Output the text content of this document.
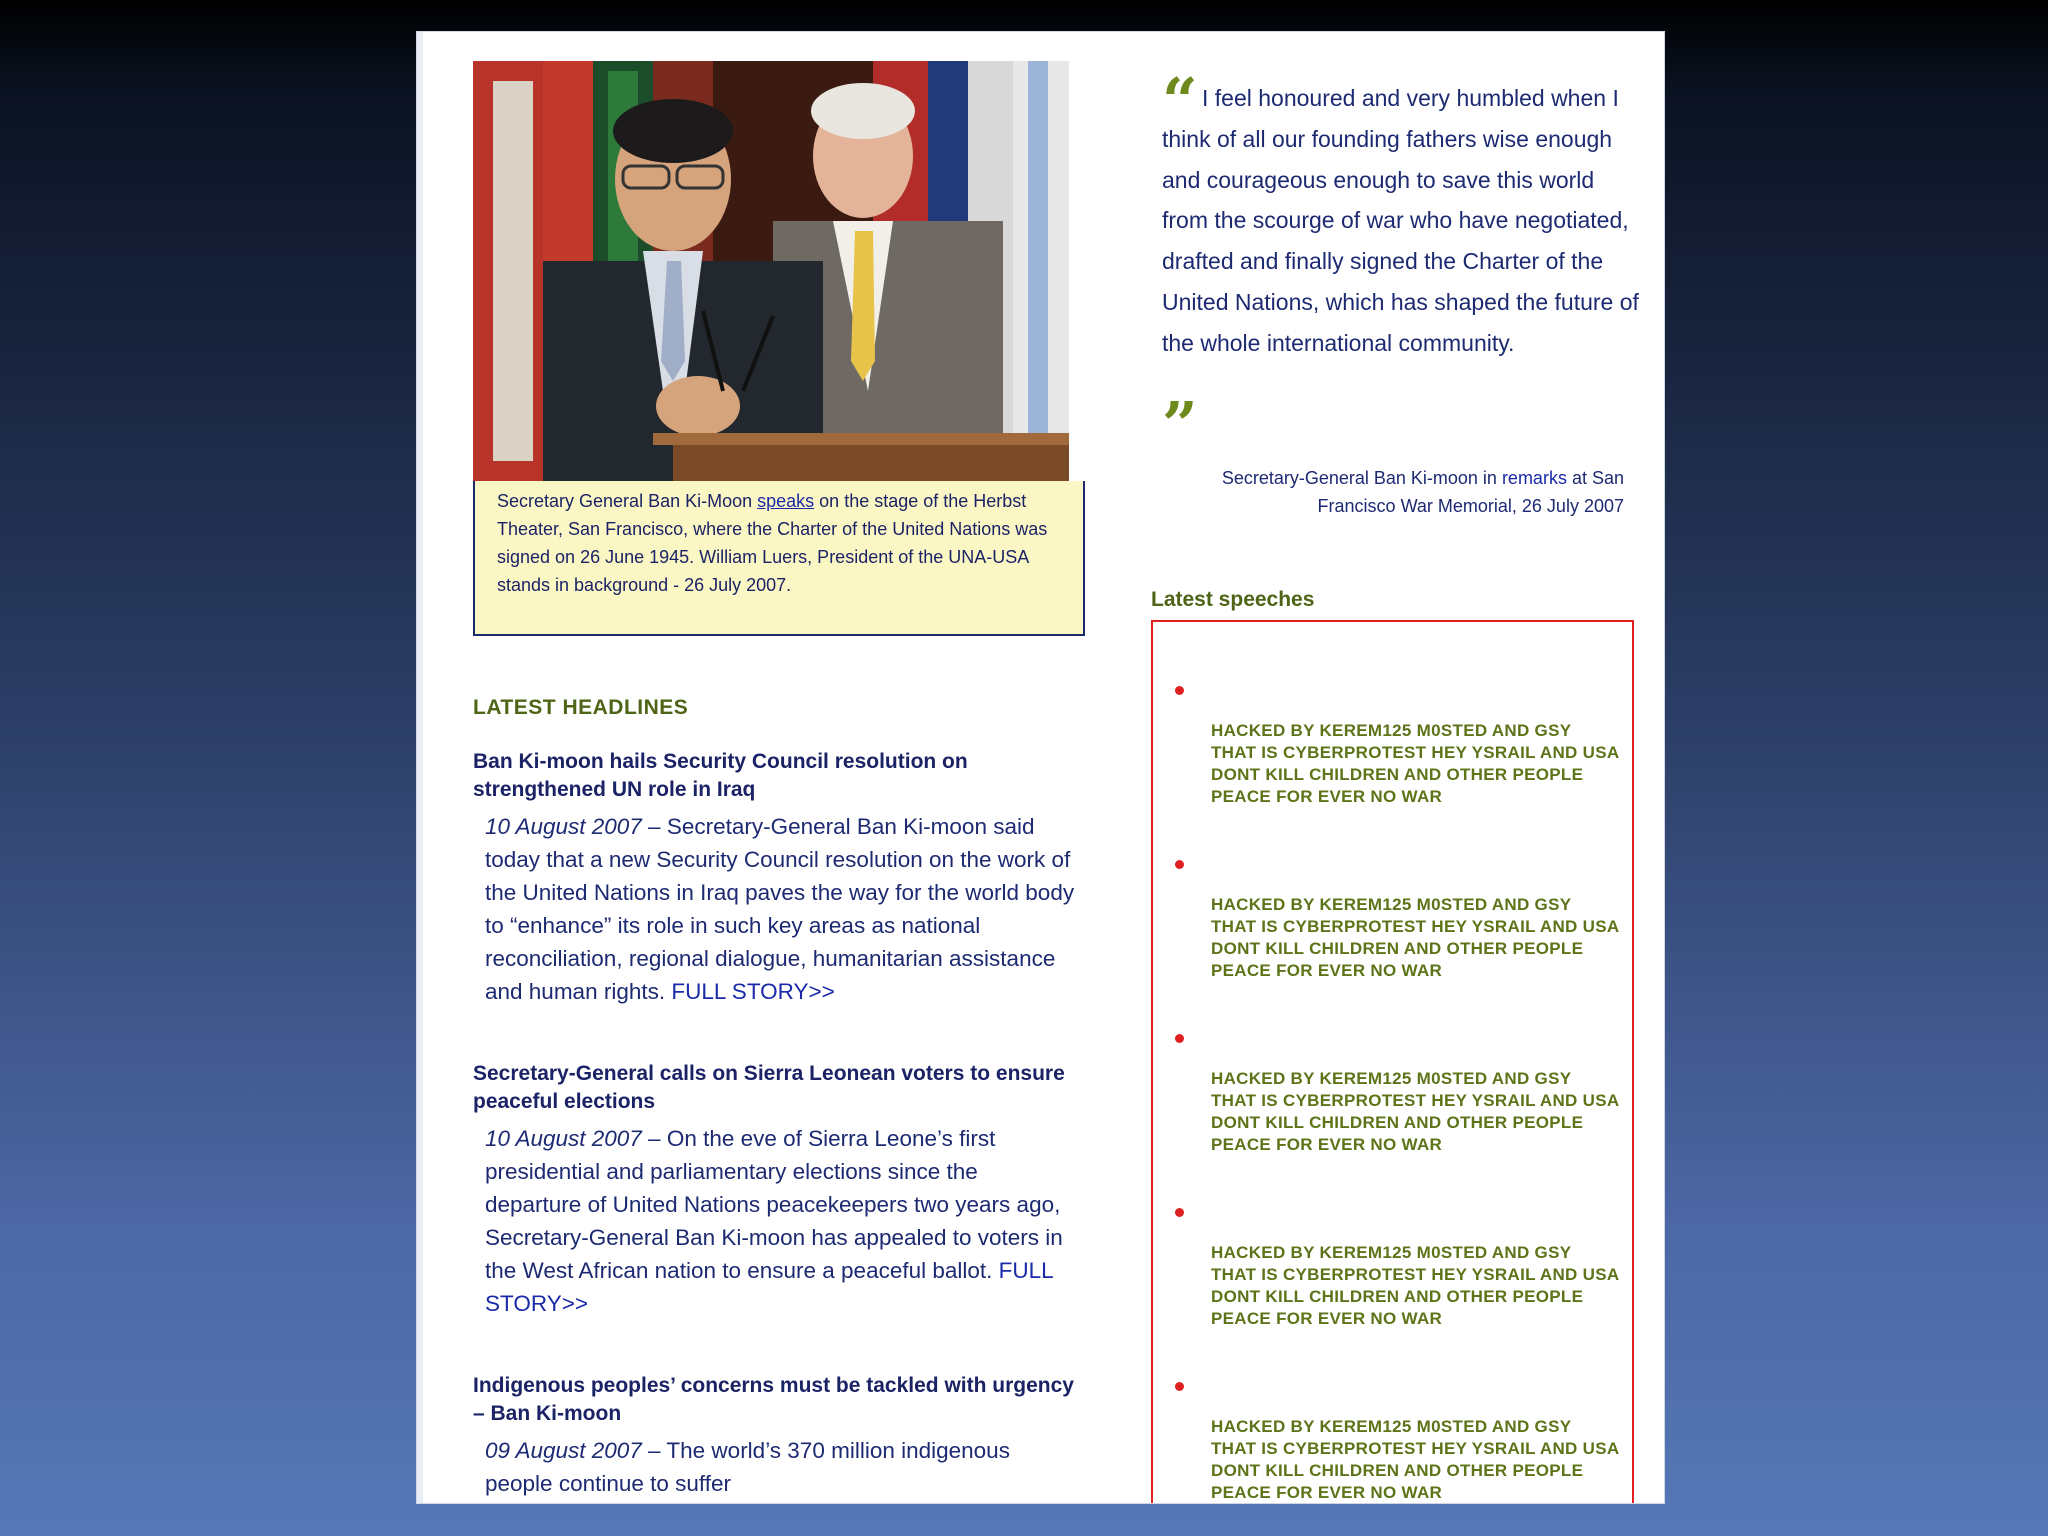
Secretary General Ban Ki-Moon speaks on the stage of the Herbst Theater, San Francisco, where the Charter of the United Nations was signed on 26 June 1945. William Luers, President of the UNA-USA stands in background - 26 July 2007.
“ I feel honoured and very humbled when I think of all our founding fathers wise enough and courageous enough to save this world from the scourge of war who have negotiated, drafted and finally signed the Charter of the United Nations, which has shaped the future of the whole international community.
”
Secretary-General Ban Ki-moon in remarks at San Francisco War Memorial, 26 July 2007
Latest speeches
HACKED BY KEREM125 M0STED AND GSY THAT IS CYBERPROTEST HEY YSRAIL AND USA DONT KILL CHILDREN AND OTHER PEOPLE PEACE FOR EVER NO WAR
HACKED BY KEREM125 M0STED AND GSY THAT IS CYBERPROTEST HEY YSRAIL AND USA DONT KILL CHILDREN AND OTHER PEOPLE PEACE FOR EVER NO WAR
HACKED BY KEREM125 M0STED AND GSY THAT IS CYBERPROTEST HEY YSRAIL AND USA DONT KILL CHILDREN AND OTHER PEOPLE PEACE FOR EVER NO WAR
HACKED BY KEREM125 M0STED AND GSY THAT IS CYBERPROTEST HEY YSRAIL AND USA DONT KILL CHILDREN AND OTHER PEOPLE PEACE FOR EVER NO WAR
HACKED BY KEREM125 M0STED AND GSY THAT IS CYBERPROTEST HEY YSRAIL AND USA DONT KILL CHILDREN AND OTHER PEOPLE PEACE FOR EVER NO WAR
LATEST HEADLINES
Ban Ki-moon hails Security Council resolution on strengthened UN role in Iraq

10 August 2007 – Secretary-General Ban Ki-moon said today that a new Security Council resolution on the work of the United Nations in Iraq paves the way for the world body to “enhance” its role in such key areas as national reconciliation, regional dialogue, humanitarian assistance and human rights. FULL STORY>>

Secretary-General calls on Sierra Leonean voters to ensure peaceful elections

10 August 2007 – On the eve of Sierra Leone’s first presidential and parliamentary elections since the departure of United Nations peacekeepers two years ago, Secretary-General Ban Ki-moon has appealed to voters in the West African nation to ensure a peaceful ballot. FULL STORY>>

Indigenous peoples’ concerns must be tackled with urgency – Ban Ki-moon

09 August 2007 – The world’s 370 million indigenous people continue to suffer
